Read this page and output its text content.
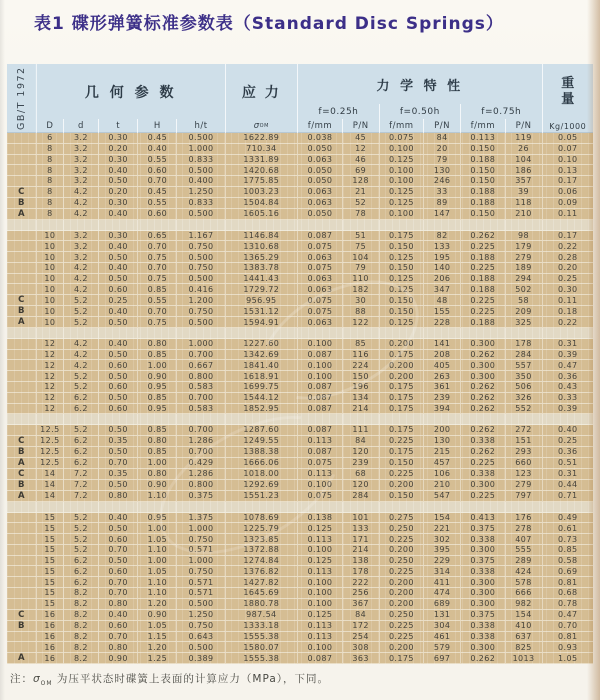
表1 碟形弹簧标准参数表（Standard Disc Springs）
GB/T 1972	几 何 参 数	应 力	力 学 特 性	重
量
f=0.25h	f=0.50h	f=0.75h
D	d	t	H	h/t	σ OM	f/mm	P/N	f/mm	P/N	f/mm	P/N	Kg/1000
6	3.2	0.30	0.45	0.500	1622.89	0.038	45	0.075	84	0.113	119	0.05
8	3.2	0.20	0.40	1.000	710.34	0.050	12	0.100	20	0.150	26	0.07
8	3.2	0.30	0.55	0.833	1331.89	0.063	46	0.125	79	0.188	104	0.10
8	3.2	0.40	0.60	0.500	1420.68	0.050	69	0.100	130	0.150	186	0.13
8	3.2	0.50	0.70	0.400	1775.85	0.050	128	0.100	246	0.150	357	0.17
C	8	4.2	0.20	0.45	1.250	1003.23	0.063	21	0.125	33	0.188	39	0.06
B	8	4.2	0.30	0.55	0.833	1504.84	0.063	52	0.125	89	0.188	118	0.09
A	8	4.2	0.40	0.60	0.500	1605.16	0.050	78	0.100	147	0.150	210	0.11
10	3.2	0.30	0.65	1.167	1146.84	0.087	51	0.175	82	0.262	98	0.17
10	3.2	0.40	0.70	0.750	1310.68	0.075	75	0.150	133	0.225	179	0.22
10	3.2	0.50	0.75	0.500	1365.29	0.063	104	0.125	195	0.188	279	0.28
10	4.2	0.40	0.70	0.750	1383.78	0.075	79	0.150	140	0.225	189	0.20
10	4.2	0.50	0.75	0.500	1441.43	0.063	110	0.125	206	0.188	294	0.25
10	4.2	0.60	0.85	0.416	1729.72	0.063	182	0.125	347	0.188	502	0.30
C	10	5.2	0.25	0.55	1.200	956.95	0.075	30	0.150	48	0.225	58	0.11
B	10	5.2	0.40	0.70	0.750	1531.12	0.075	88	0.150	155	0.225	209	0.18
A	10	5.2	0.50	0.75	0.500	1594.91	0.063	122	0.125	228	0.188	325	0.22
12	4.2	0.40	0.80	1.000	1227.60	0.100	85	0.200	141	0.300	178	0.31
12	4.2	0.50	0.85	0.700	1342.69	0.087	116	0.175	208	0.262	284	0.39
12	4.2	0.60	1.00	0.667	1841.40	0.100	224	0.200	405	0.300	557	0.47
12	5.2	0.50	0.90	0.800	1618.91	0.100	150	0.200	263	0.300	350	0.36
12	5.2	0.60	0.95	0.583	1699.75	0.087	196	0.175	361	0.262	506	0.43
12	6.2	0.50	0.85	0.700	1544.12	0.087	134	0.175	239	0.262	326	0.33
12	6.2	0.60	0.95	0.583	1852.95	0.087	214	0.175	394	0.262	552	0.39
12.5	5.2	0.50	0.85	0.700	1287.60	0.087	111	0.175	200	0.262	272	0.40
C	12.5	6.2	0.35	0.80	1.286	1249.55	0.113	84	0.225	130	0.338	151	0.25
B	12.5	6.2	0.50	0.85	0.700	1388.38	0.087	120	0.175	215	0.262	293	0.36
A	12.5	6.2	0.70	1.00	0.429	1666.06	0.075	239	0.150	457	0.225	660	0.51
C	14	7.2	0.35	0.80	1.286	1018.00	0.113	68	0.225	106	0.338	123	0.31
B	14	7.2	0.50	0.90	0.800	1292.69	0.100	120	0.200	210	0.300	279	0.44
A	14	7.2	0.80	1.10	0.375	1551.23	0.075	284	0.150	547	0.225	797	0.71
15	5.2	0.40	0.95	1.375	1078.69	0.138	101	0.275	154	0.413	176	0.49
15	5.2	0.50	1.00	1.000	1225.79	0.125	133	0.250	221	0.375	278	0.61
15	5.2	0.60	1.05	0.750	1323.85	0.113	171	0.225	302	0.338	407	0.73
15	5.2	0.70	1.10	0.571	1372.88	0.100	214	0.200	395	0.300	555	0.85
15	6.2	0.50	1.00	1.000	1274.84	0.125	138	0.250	229	0.375	289	0.58
15	6.2	0.60	1.05	0.750	1376.82	0.113	178	0.225	314	0.338	424	0.69
15	6.2	0.70	1.10	0.571	1427.82	0.100	222	0.200	411	0.300	578	0.81
15	8.2	0.70	1.10	0.571	1645.69	0.100	256	0.200	474	0.300	666	0.68
15	8.2	0.80	1.20	0.500	1880.78	0.100	367	0.200	689	0.300	982	0.78
C	16	8.2	0.40	0.90	1.250	987.54	0.125	84	0.250	131	0.375	154	0.47
B	16	8.2	0.60	1.05	0.750	1333.18	0.113	172	0.225	304	0.338	410	0.70
16	8.2	0.70	1.15	0.643	1555.38	0.113	254	0.225	461	0.338	637	0.81
16	8.2	0.80	1.20	0.500	1580.07	0.100	308	0.200	579	0.300	825	0.93
A	16	8.2	0.90	1.25	0.389	1555.38	0.087	363	0.175	697	0.262	1013	1.05
注：$\sigma_{OM}$ 为压平状态时碟簧上表面的计算应力（MPa），下同。
